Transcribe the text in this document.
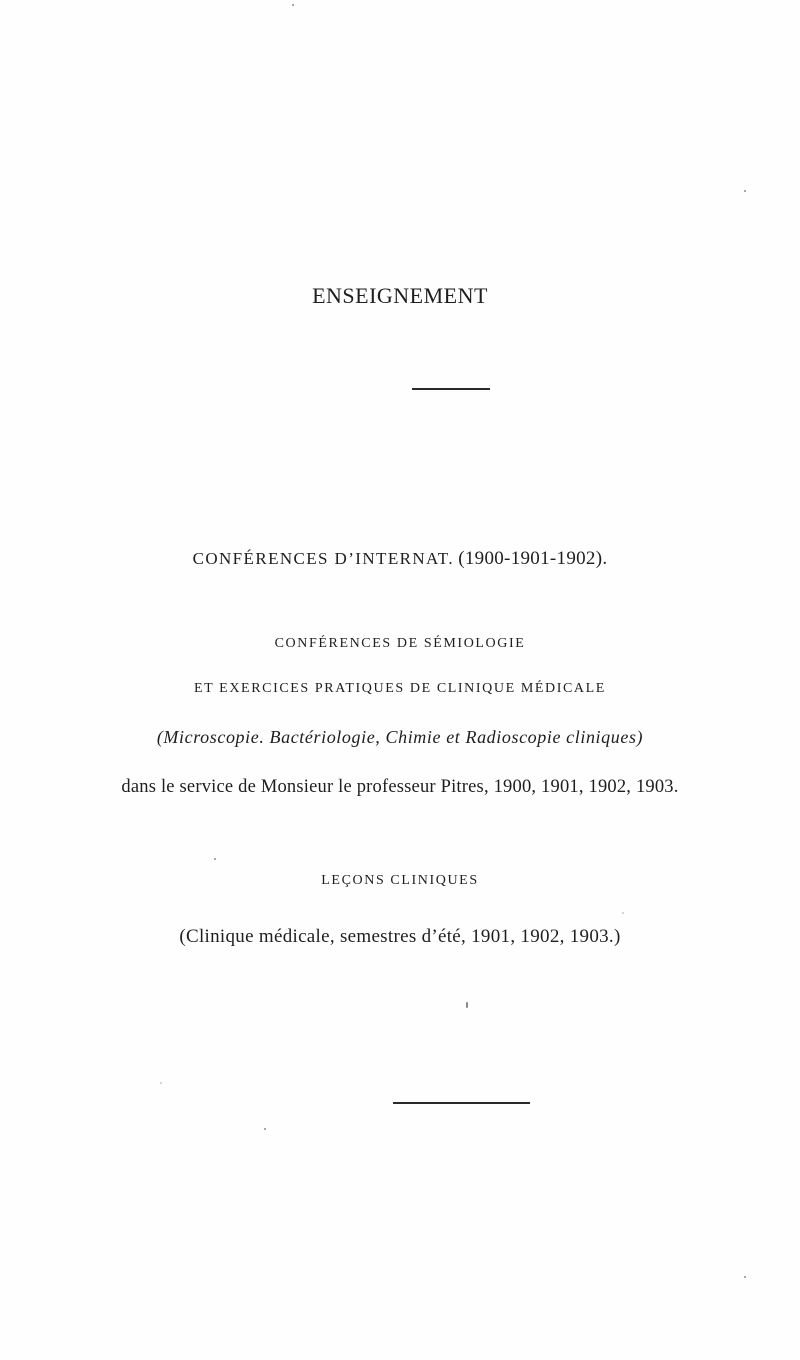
ENSEIGNEMENT
CONFÉRENCES D’INTERNAT. (1900-1901-1902).
CONFÉRENCES DE SÉMIOLOGIE
ET EXERCICES PRATIQUES DE CLINIQUE MÉDICALE
(Microscopie. Bactériologie, Chimie et Radioscopie cliniques)
dans le service de Monsieur le professeur Pitres, 1900, 1901, 1902, 1903.
LEÇONS CLINIQUES
(Clinique médicale, semestres d’été, 1901, 1902, 1903.)
